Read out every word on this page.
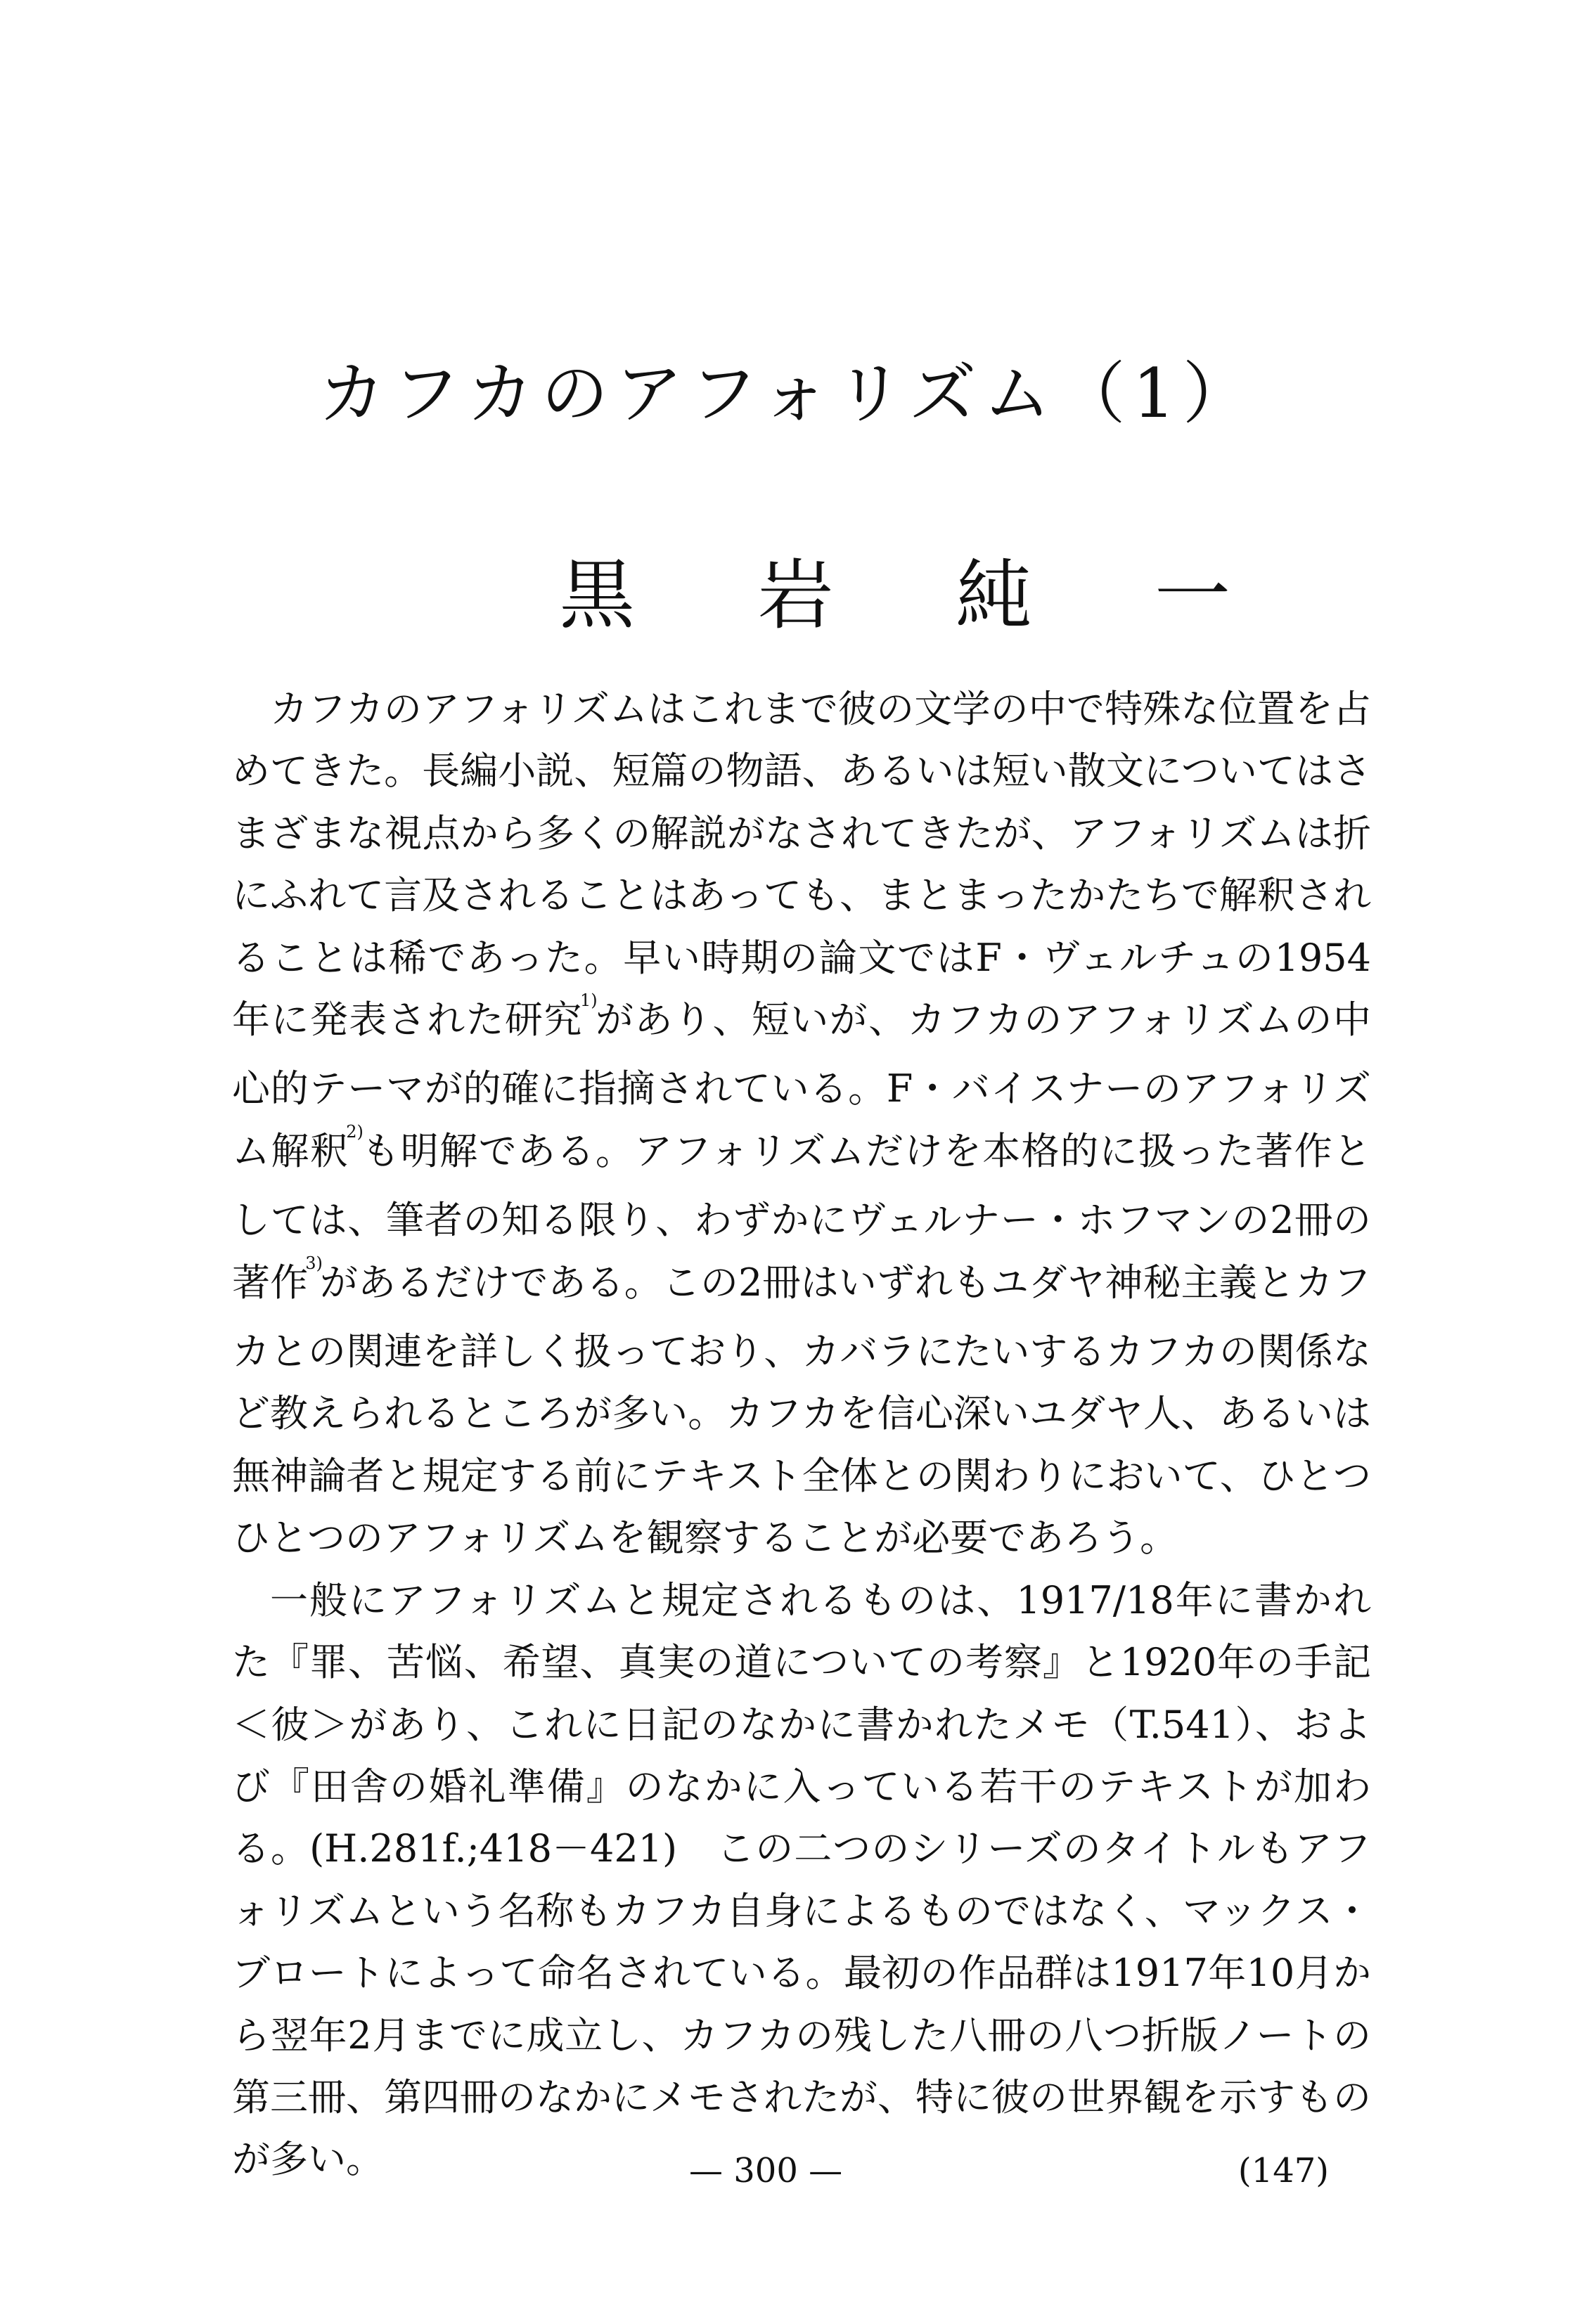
カフカのアフォリズム（1）
黒 岩 純 一

カフカのアフォリズムはこれまで彼の文学の中で特殊な位置を占めてきた。長編小説、短篇の物語、あるいは短い散文についてはさまざまな視点から多くの解説がなされてきたが、アフォリズムは折にふれて言及されることはあっても、まとまったかたちで解釈されることは稀であった。早い時期の論文ではF・ヴェルチュの1954年に発表された研究$^{1)}$があり、短いが、カフカのアフォリズムの中心的テーマが的確に指摘されている。F・バイスナーのアフォリズム解釈$^{2)}$も明解である。アフォリズムだけを本格的に扱った著作としては、筆者の知る限り、わずかにヴェルナー・ホフマンの2冊の著作$^{3)}$があるだけである。この2冊はいずれもユダヤ神秘主義とカフカとの関連を詳しく扱っており、カバラにたいするカフカの関係など教えられるところが多い。カフカを信心深いユダヤ人、あるいは無神論者と規定する前にテキスト全体との関わりにおいて、ひとつひとつのアフォリズムを観察することが必要であろう。

一般にアフォリズムと規定されるものは、1917/18年に書かれた『罪、苦悩、希望、真実の道についての考察』と1920年の手記＜彼＞があり、これに日記のなかに書かれたメモ（T.541）、および『田舎の婚礼準備』のなかに入っている若干のテキストが加わる。(H.281f.;418－421)　この二つのシリーズのタイトルもアフォリズムという名称もカフカ自身によるものではなく、マックス・ブロートによって命名されている。最初の作品群は1917年10月から翌年2月までに成立し、カフカの残した八冊の八つ折版ノートの第三冊、第四冊のなかにメモされたが、特に彼の世界観を示すものが多い。	— 300 —	(147)
